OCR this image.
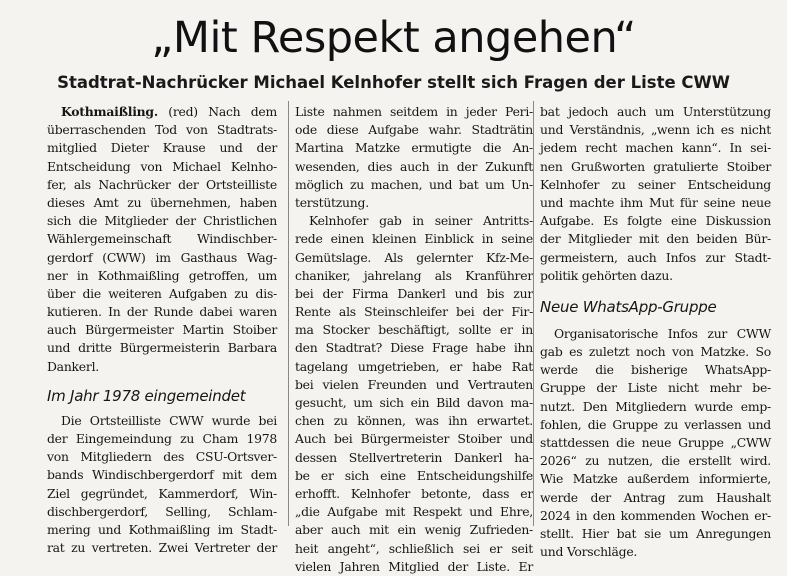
„Mit Respekt angehen“
Stadtrat-Nachrücker Michael Kelnhofer stellt sich Fragen der Liste CWW
Kothmaißling. (red) Nach dem
überraschenden Tod von Stadtrats-
mitglied Dieter Krause und der
Entscheidung von Michael Kelnho-
fer, als Nachrücker der Ortsteilliste
dieses Amt zu übernehmen, haben
sich die Mitglieder der Christlichen
Wählergemeinschaft Windischber-
gerdorf (CWW) im Gasthaus Wag-
ner in Kothmaißling getroffen, um
über die weiteren Aufgaben zu dis-
kutieren. In der Runde dabei waren
auch Bürgermeister Martin Stoiber
und dritte Bürgermeisterin Barbara
Dankerl.
Im Jahr 1978 eingemeindet
Die Ortsteilliste CWW wurde bei
der Eingemeindung zu Cham 1978
von Mitgliedern des CSU-Ortsver-
bands Windischbergerdorf mit dem
Ziel gegründet, Kammerdorf, Win-
dischbergerdorf, Selling, Schlam-
mering und Kothmaißling im Stadt-
rat zu vertreten. Zwei Vertreter der
Liste nahmen seitdem in jeder Peri-
ode diese Aufgabe wahr. Stadträtin
Martina Matzke ermutigte die An-
wesenden, dies auch in der Zukunft
möglich zu machen, und bat um Un-
terstützung.
Kelnhofer gab in seiner Antritts-
rede einen kleinen Einblick in seine
Gemütslage. Als gelernter Kfz-Me-
chaniker, jahrelang als Kranführer
bei der Firma Dankerl und bis zur
Rente als Steinschleifer bei der Fir-
ma Stocker beschäftigt, sollte er in
den Stadtrat? Diese Frage habe ihn
tagelang umgetrieben, er habe Rat
bei vielen Freunden und Vertrauten
gesucht, um sich ein Bild davon ma-
chen zu können, was ihn erwartet.
Auch bei Bürgermeister Stoiber und
dessen Stellvertreterin Dankerl ha-
be er sich eine Entscheidungshilfe
erhofft. Kelnhofer betonte, dass er
„die Aufgabe mit Respekt und Ehre,
aber auch mit ein wenig Zufrieden-
heit angeht“, schließlich sei er seit
vielen Jahren Mitglied der Liste. Er
bat jedoch auch um Unterstützung
und Verständnis, „wenn ich es nicht
jedem recht machen kann“. In sei-
nen Grußworten gratulierte Stoiber
Kelnhofer zu seiner Entscheidung
und machte ihm Mut für seine neue
Aufgabe. Es folgte eine Diskussion
der Mitglieder mit den beiden Bür-
germeistern, auch Infos zur Stadt-
politik gehörten dazu.
Neue WhatsApp-Gruppe
Organisatorische Infos zur CWW
gab es zuletzt noch von Matzke. So
werde die bisherige WhatsApp-
Gruppe der Liste nicht mehr be-
nutzt. Den Mitgliedern wurde emp-
fohlen, die Gruppe zu verlassen und
stattdessen die neue Gruppe „CWW
2026“ zu nutzen, die erstellt wird.
Wie Matzke außerdem informierte,
werde der Antrag zum Haushalt
2024 in den kommenden Wochen er-
stellt. Hier bat sie um Anregungen
und Vorschläge.
